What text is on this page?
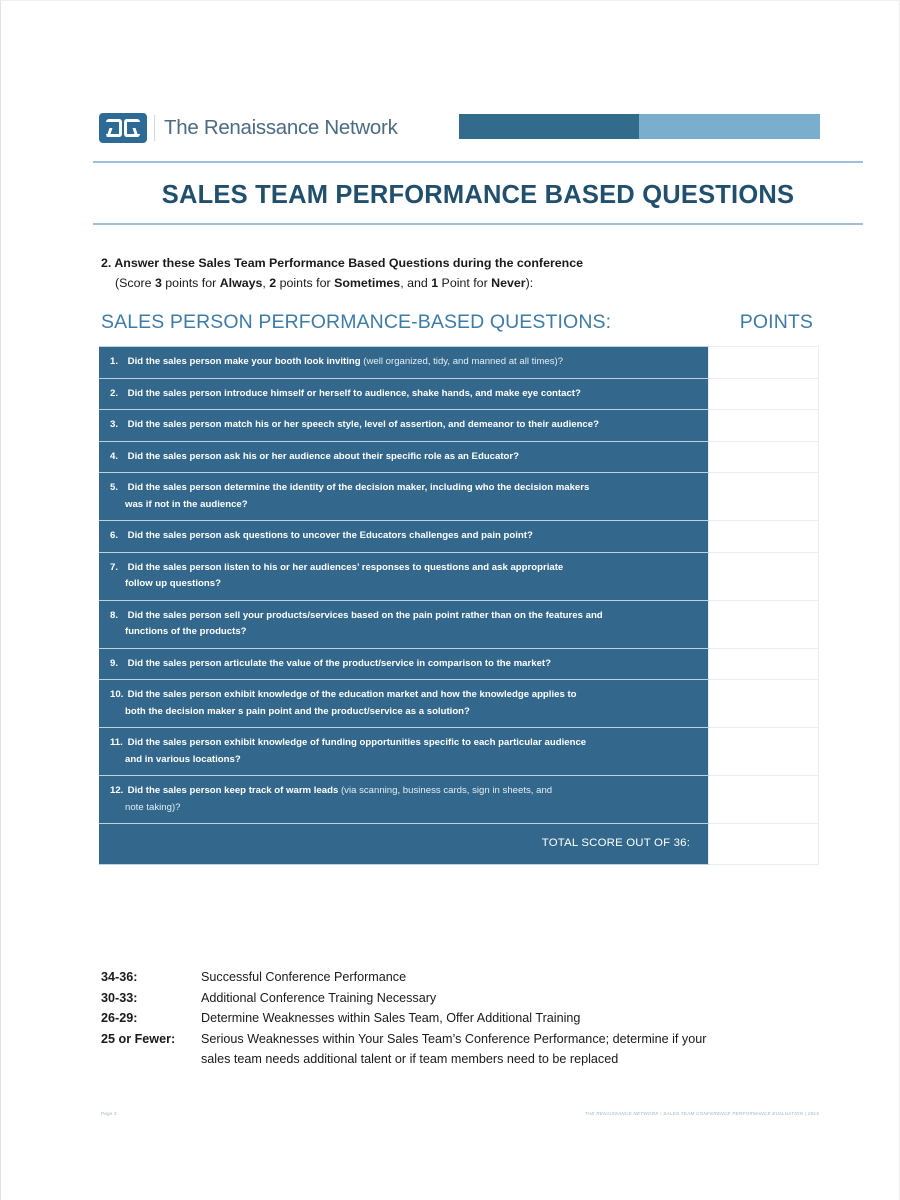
The Renaissance Network
SALES TEAM PERFORMANCE BASED QUESTIONS
2. Answer these Sales Team Performance Based Questions during the conference
(Score 3 points for Always, 2 points for Sometimes, and 1 Point for Never):
SALES PERSON PERFORMANCE-BASED QUESTIONS:	POINTS
1. Did the sales person make your booth look inviting (well organized, tidy, and manned at all times)?	
2. Did the sales person introduce himself or herself to audience, shake hands, and make eye contact?	
3. Did the sales person match his or her speech style, level of assertion, and demeanor to their audience?	
4. Did the sales person ask his or her audience about their specific role as an Educator?	
5. Did the sales person determine the identity of the decision maker, including who the decision makers
was if not in the audience?	

6. Did the sales person ask questions to uncover the Educators challenges and pain point?	
7. Did the sales person listen to his or her audiences’ responses to questions and ask appropriate
follow up questions?	

8. Did the sales person sell your products/services based on the pain point rather than on the features and
functions of the products?	

9. Did the sales person articulate the value of the product/service in comparison to the market?	
10. Did the sales person exhibit knowledge of the education market and how the knowledge applies to
both the decision maker s pain point and the product/service as a solution?	

11. Did the sales person exhibit knowledge of funding opportunities specific to each particular audience
and in various locations?	

12. Did the sales person keep track of warm leads (via scanning, business cards, sign in sheets, and
note taking)?	

TOTAL SCORE OUT OF 36:	
34-36:	Successful Conference Performance
30-33:	Additional Conference Training Necessary
26-29:	Determine Weaknesses within Sales Team, Offer Additional Training
25 or Fewer:	Serious Weaknesses within Your Sales Team’s Conference Performance; determine if your
sales team needs additional talent or if team members need to be replaced
Page 2	THE RENAISSANCE NETWORK / SALES TEAM CONFERENCE PERFORMANCE EVALUATION | 2015
